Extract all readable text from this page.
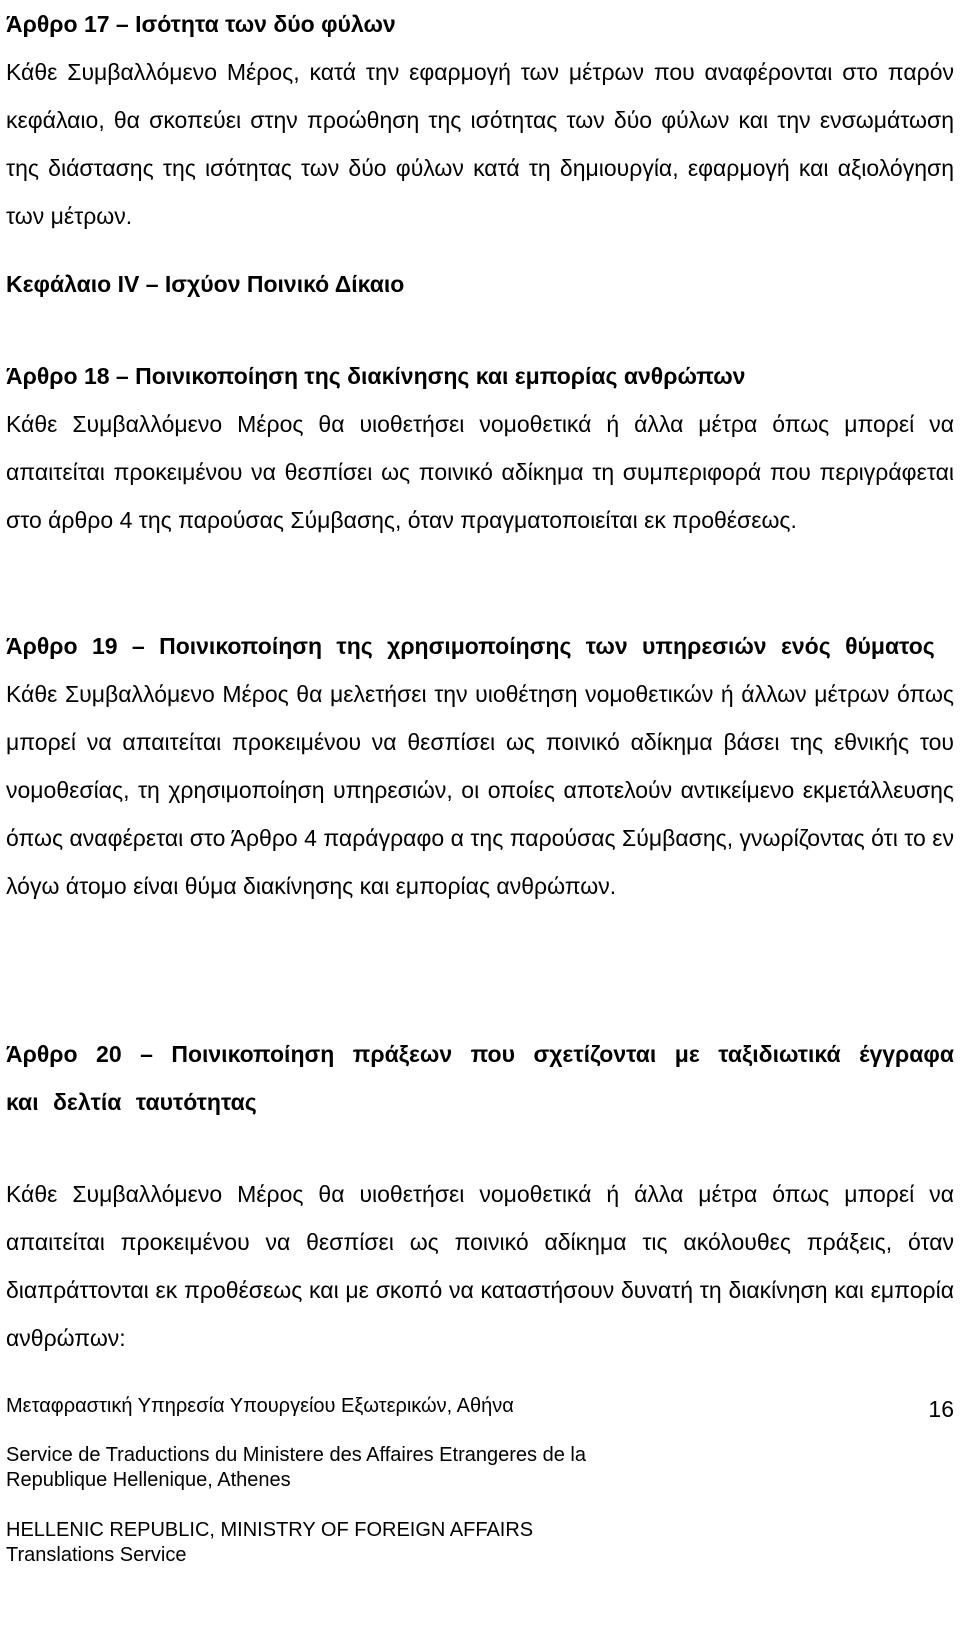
Άρθρο 17 – Ισότητα των δύο φύλων

Κάθε Συμβαλλόμενο Μέρος, κατά την εφαρμογή των μέτρων που αναφέρονται στο παρόν κεφάλαιο, θα σκοπεύει στην προώθηση της ισότητας των δύο φύλων και την ενσωμάτωση της διάστασης της ισότητας των δύο φύλων κατά τη δημιουργία, εφαρμογή και αξιολόγηση των μέτρων.

Κεφάλαιο IV – Ισχύον Ποινικό Δίκαιο

Άρθρο 18 – Ποινικοποίηση της διακίνησης και εμπορίας ανθρώπων

Κάθε Συμβαλλόμενο Μέρος θα υιοθετήσει νομοθετικά ή άλλα μέτρα όπως μπορεί να απαιτείται προκειμένου να θεσπίσει ως ποινικό αδίκημα τη συμπεριφορά που περιγράφεται στο άρθρο 4 της παρούσας Σύμβασης, όταν πραγματοποιείται εκ προθέσεως.

Άρθρο 19 – Ποινικοποίηση της χρησιμοποίησης των υπηρεσιών ενός θύματος

Κάθε Συμβαλλόμενο Μέρος θα μελετήσει την υιοθέτηση νομοθετικών ή άλλων μέτρων όπως μπορεί να απαιτείται προκειμένου να θεσπίσει ως ποινικό αδίκημα βάσει της εθνικής του νομοθεσίας, τη χρησιμοποίηση υπηρεσιών, οι οποίες αποτελούν αντικείμενο εκμετάλλευσης όπως αναφέρεται στο Άρθρο 4 παράγραφο α της παρούσας Σύμβασης, γνωρίζοντας ότι το εν λόγω άτομο είναι θύμα διακίνησης και εμπορίας ανθρώπων.

Άρθρο 20 – Ποινικοποίηση πράξεων που σχετίζονται με ταξιδιωτικά έγγραφα και δελτία ταυτότητας

Κάθε Συμβαλλόμενο Μέρος θα υιοθετήσει νομοθετικά ή άλλα μέτρα όπως μπορεί να απαιτείται προκειμένου να θεσπίσει ως ποινικό αδίκημα τις ακόλουθες πράξεις, όταν διαπράττονται εκ προθέσεως και με σκοπό να καταστήσουν δυνατή τη διακίνηση και εμπορία ανθρώπων:

Μεταφραστική Υπηρεσία Υπουργείου Εξωτερικών, Αθήνα	16

Service de Traductions du Ministere des Affaires Etrangeres de la

Republique Hellenique, Athenes

HELLENIC REPUBLIC, MINISTRY OF FOREIGN AFFAIRS

Translations Service
